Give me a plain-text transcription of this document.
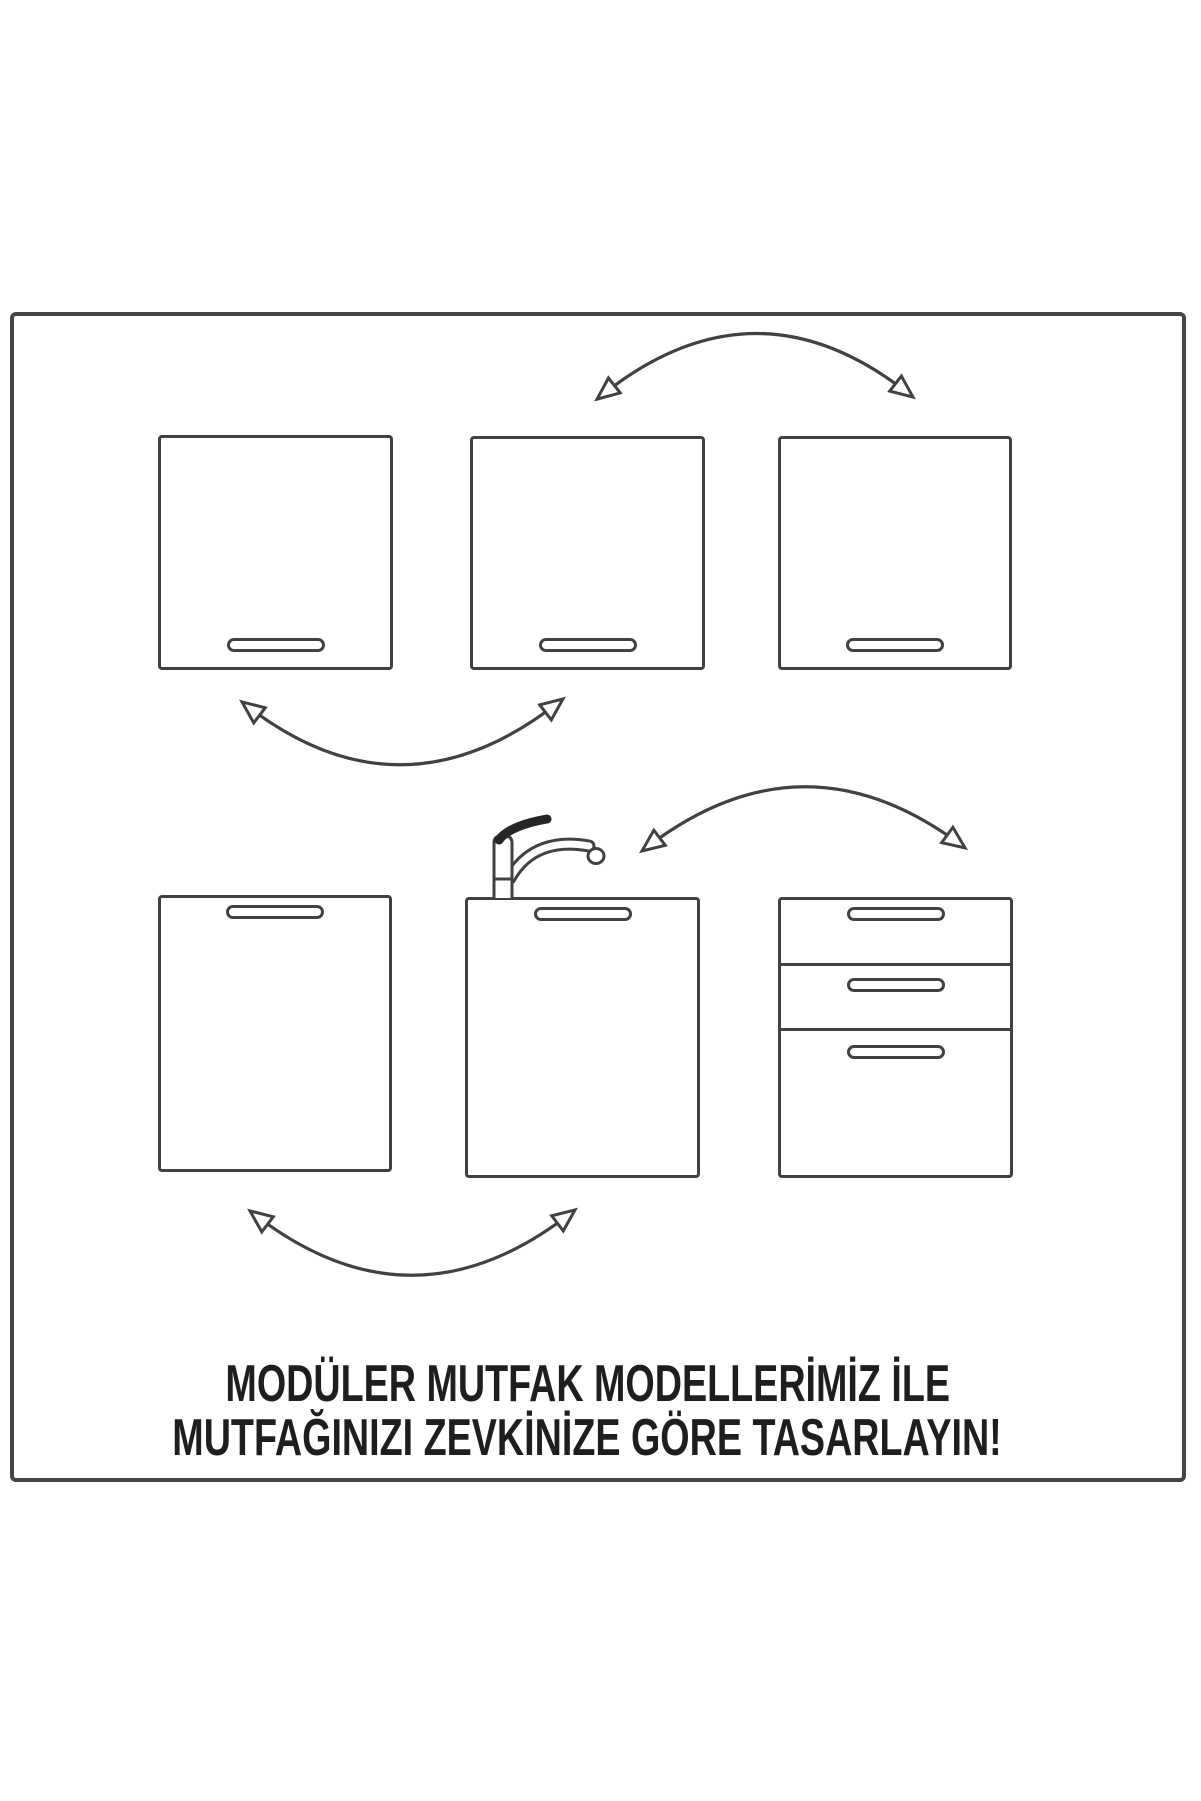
MODÜLER MUTFAK MODELLERİMİZ İLE
MUTFAĞINIZI ZEVKİNİZE GÖRE TASARLAYIN!
